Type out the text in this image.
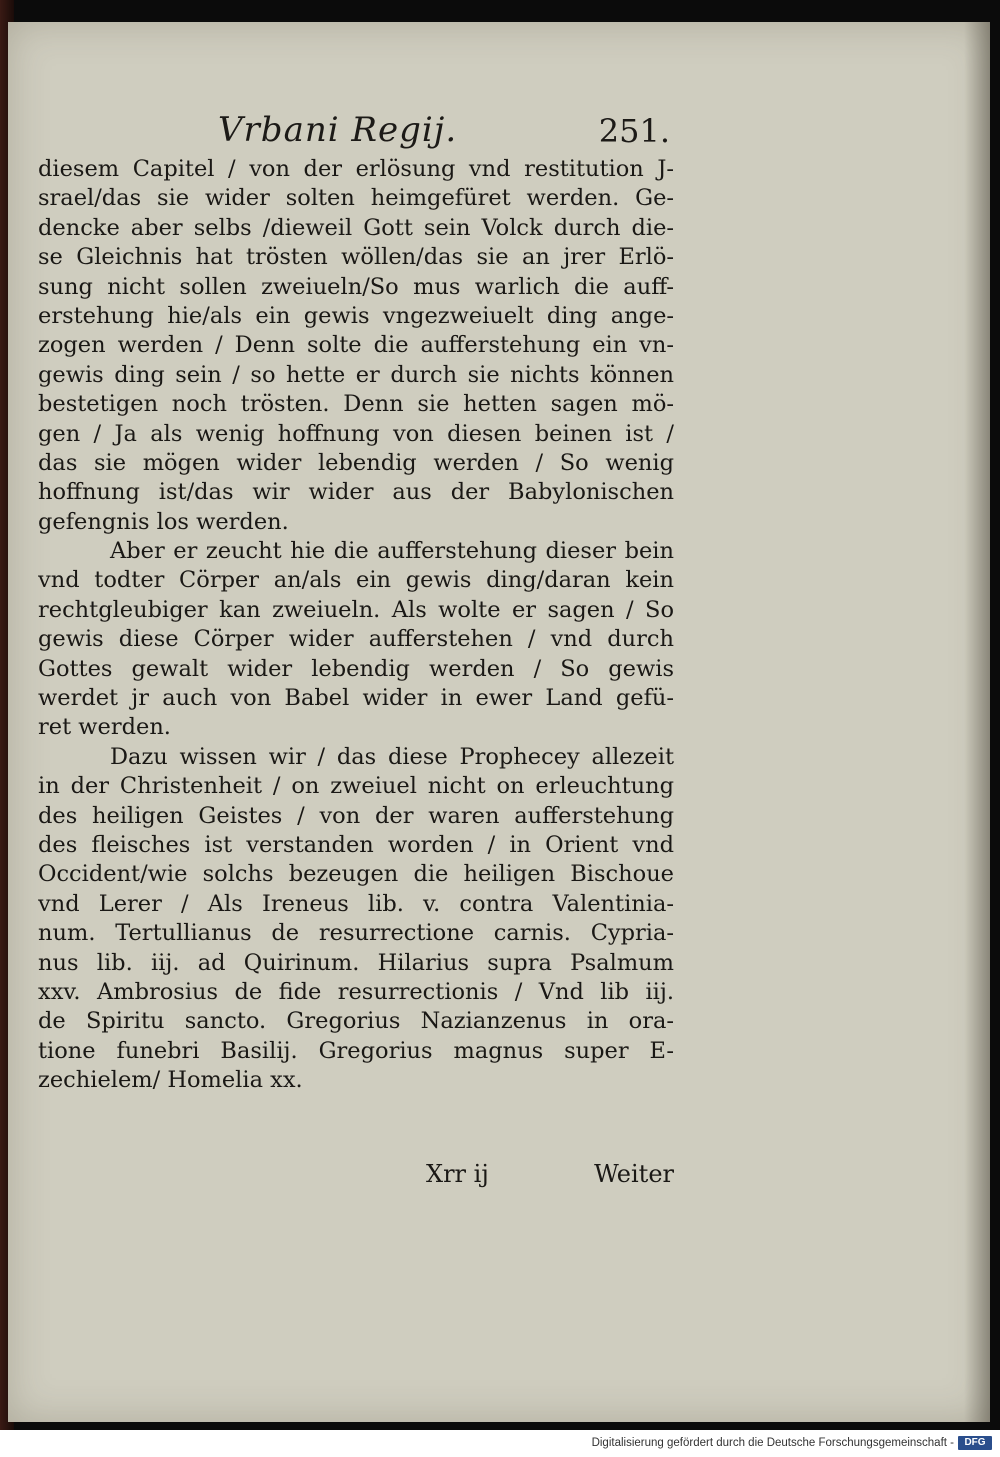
Vrbani Regij.	251.
diesem Capitel / von der erlösung vnd restitution J-
srael/das sie wider solten heimgefüret werden. Ge-
dencke aber selbs /dieweil Gott sein Volck durch die-
se Gleichnis hat trösten wöllen/das sie an jrer Erlö-
sung nicht sollen zweiueln/So mus warlich die auff-
erstehung hie/als ein gewis vngezweiuelt ding ange-
zogen werden / Denn solte die aufferstehung ein vn-
gewis ding sein / so hette er durch sie nichts können
bestetigen noch trösten. Denn sie hetten sagen mö-
gen / Ja als wenig hoffnung von diesen beinen ist /
das sie mögen wider lebendig werden / So wenig
hoffnung ist/das wir wider aus der Babylonischen
gefengnis los werden.
Aber er zeucht hie die aufferstehung dieser bein
vnd todter Cörper an/als ein gewis ding/daran kein
rechtgleubiger kan zweiueln. Als wolte er sagen / So
gewis diese Cörper wider aufferstehen / vnd durch
Gottes gewalt wider lebendig werden / So gewis
werdet jr auch von Babel wider in ewer Land gefü-
ret werden.
Dazu wissen wir / das diese Prophecey allezeit
in der Christenheit / on zweiuel nicht on erleuchtung
des heiligen Geistes / von der waren aufferstehung
des fleisches ist verstanden worden / in Orient vnd
Occident/wie solchs bezeugen die heiligen Bischoue
vnd Lerer / Als Ireneus lib. v. contra Valentinia-
num. Tertullianus de resurrectione carnis. Cypria-
nus lib. iij. ad Quirinum. Hilarius supra Psalmum
xxv. Ambrosius de fide resurrectionis / Vnd lib iij.
de Spiritu sancto. Gregorius Nazianzenus in ora-
tione funebri Basilij. Gregorius magnus super E-
zechielem/ Homelia xx.
Xrr ij	Weiter
Digitalisierung gefördert durch die Deutsche Forschungsgemeinschaft -	DFG
